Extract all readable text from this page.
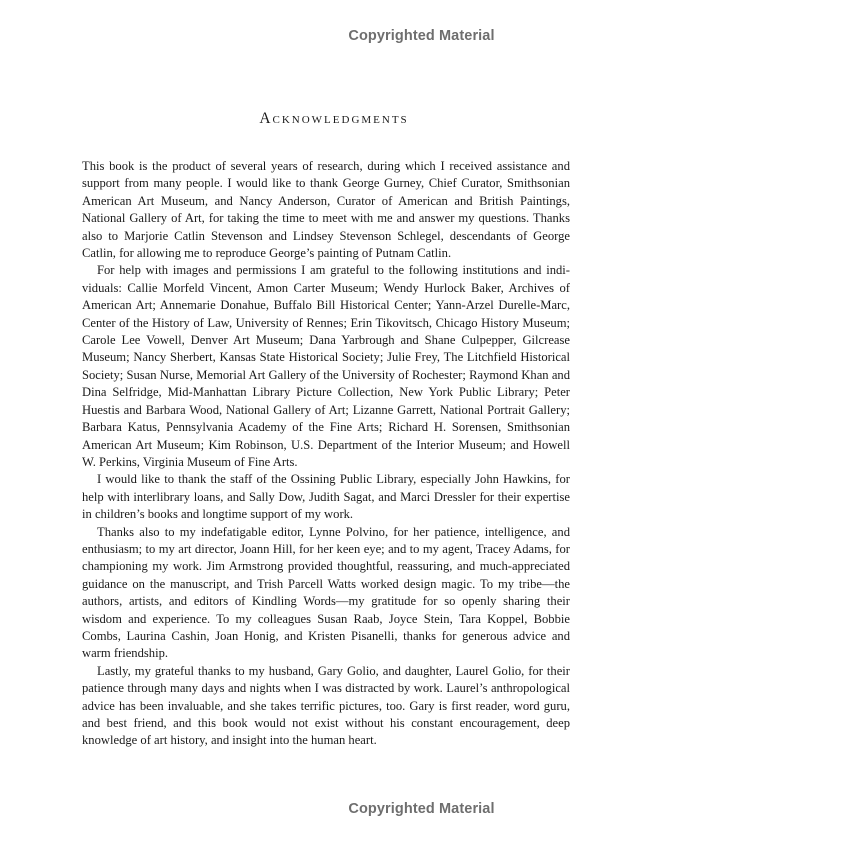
Copyrighted Material
Acknowledgments

This book is the product of several years of research, during which I received assistance and support from many people. I would like to thank George Gurney, Chief Curator, Smithsonian American Art Museum, and Nancy Anderson, Curator of American and British Paintings, National Gallery of Art, for taking the time to meet with me and answer my questions. Thanks also to Marjorie Catlin Stevenson and Lindsey Stevenson Schlegel, descendants of George Catlin, for allowing me to reproduce George’s painting of Putnam Catlin.

For help with images and permissions I am grateful to the following institutions and individuals: Callie Morfeld Vincent, Amon Carter Museum; Wendy Hurlock Baker, Archives of American Art; Annemarie Donahue, Buffalo Bill Historical Center; Yann-Arzel Durelle-Marc, Center of the History of Law, University of Rennes; Erin Tikovitsch, Chicago History Museum; Carole Lee Vowell, Denver Art Museum; Dana Yarbrough and Shane Culpepper, Gilcrease Museum; Nancy Sherbert, Kansas State Historical Society; Julie Frey, The Litchfield Historical Society; Susan Nurse, Memorial Art Gallery of the University of Rochester; Raymond Khan and Dina Selfridge, Mid-Manhattan Library Picture Collection, New York Public Library; Peter Huestis and Barbara Wood, National Gallery of Art; Lizanne Garrett, National Portrait Gallery; Barbara Katus, Pennsylvania Academy of the Fine Arts; Richard H. Sorensen, Smithsonian American Art Museum; Kim Robinson, U.S. Department of the Interior Museum; and Howell W. Perkins, Virginia Museum of Fine Arts.

I would like to thank the staff of the Ossining Public Library, especially John Hawkins, for help with interlibrary loans, and Sally Dow, Judith Sagat, and Marci Dressler for their expertise in children’s books and longtime support of my work.

Thanks also to my indefatigable editor, Lynne Polvino, for her patience, intelligence, and enthusiasm; to my art director, Joann Hill, for her keen eye; and to my agent, Tracey Adams, for championing my work. Jim Armstrong provided thoughtful, reassuring, and much-appreciated guidance on the manuscript, and Trish Parcell Watts worked design magic. To my tribe—the authors, artists, and editors of Kindling Words—my gratitude for so openly sharing their wisdom and experience. To my colleagues Susan Raab, Joyce Stein, Tara Koppel, Bobbie Combs, Laurina Cashin, Joan Honig, and Kristen Pisanelli, thanks for generous advice and warm friendship.

Lastly, my grateful thanks to my husband, Gary Golio, and daughter, Laurel Golio, for their patience through many days and nights when I was distracted by work. Laurel’s anthropological advice has been invaluable, and she takes terrific pictures, too. Gary is first reader, word guru, and best friend, and this book would not exist without his constant encouragement, deep knowledge of art history, and insight into the human heart.

Copyrighted Material
